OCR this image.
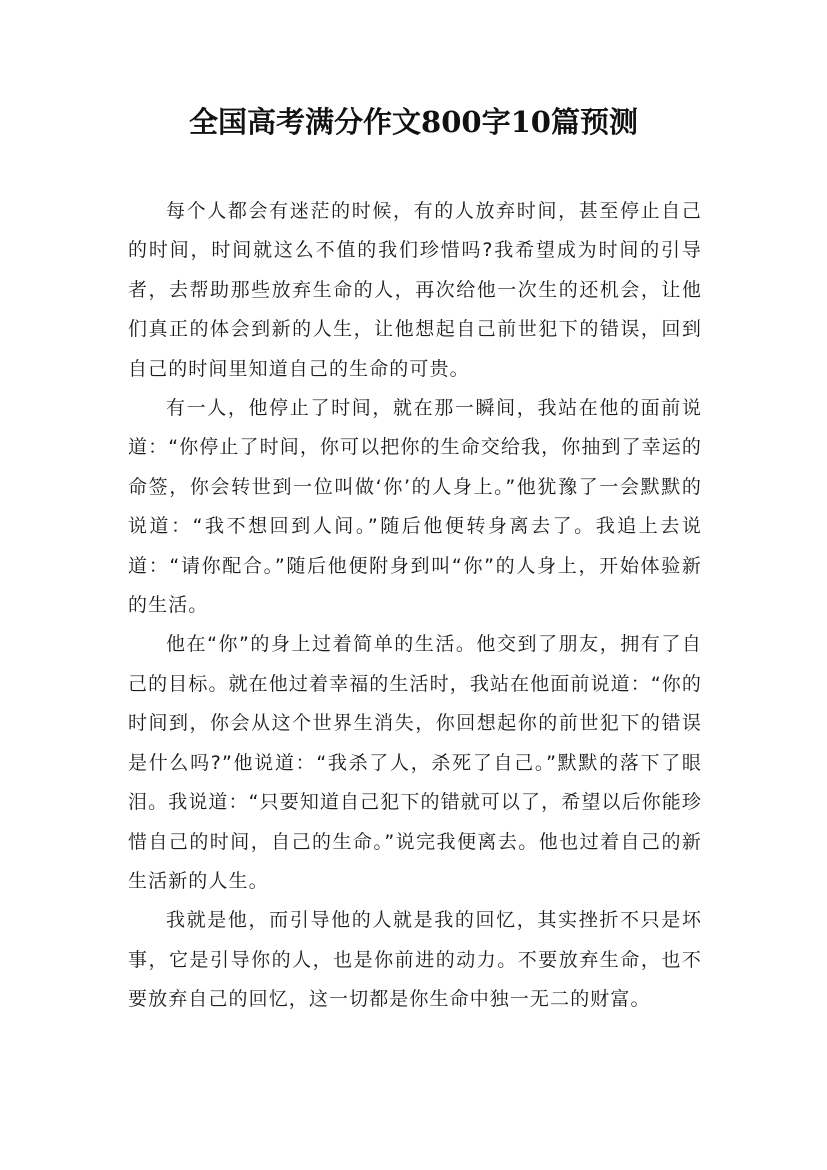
全国高考满分作文800字10篇预测

每个人都会有迷茫的时候，有的人放弃时间，甚至停止自己的时间，时间就这么不值的我们珍惜吗?我希望成为时间的引导者，去帮助那些放弃生命的人，再次给他一次生的还机会，让他们真正的体会到新的人生，让他想起自己前世犯下的错误，回到自己的时间里知道自己的生命的可贵。

有一人，他停止了时间，就在那一瞬间，我站在他的面前说道：“你停止了时间，你可以把你的生命交给我，你抽到了幸运的命签，你会转世到一位叫做‘你’的人身上。”他犹豫了一会默默的说道：“我不想回到人间。”随后他便转身离去了。我追上去说道：“请你配合。”随后他便附身到叫“你”的人身上，开始体验新的生活。

他在“你”的身上过着简单的生活。他交到了朋友，拥有了自己的目标。就在他过着幸福的生活时，我站在他面前说道：“你的时间到，你会从这个世界生消失，你回想起你的前世犯下的错误是什么吗?”他说道：“我杀了人，杀死了自己。”默默的落下了眼泪。我说道：“只要知道自己犯下的错就可以了，希望以后你能珍惜自己的时间，自己的生命。”说完我便离去。他也过着自己的新生活新的人生。

我就是他，而引导他的人就是我的回忆，其实挫折不只是坏事，它是引导你的人，也是你前进的动力。不要放弃生命，也不要放弃自己的回忆，这一切都是你生命中独一无二的财富。
